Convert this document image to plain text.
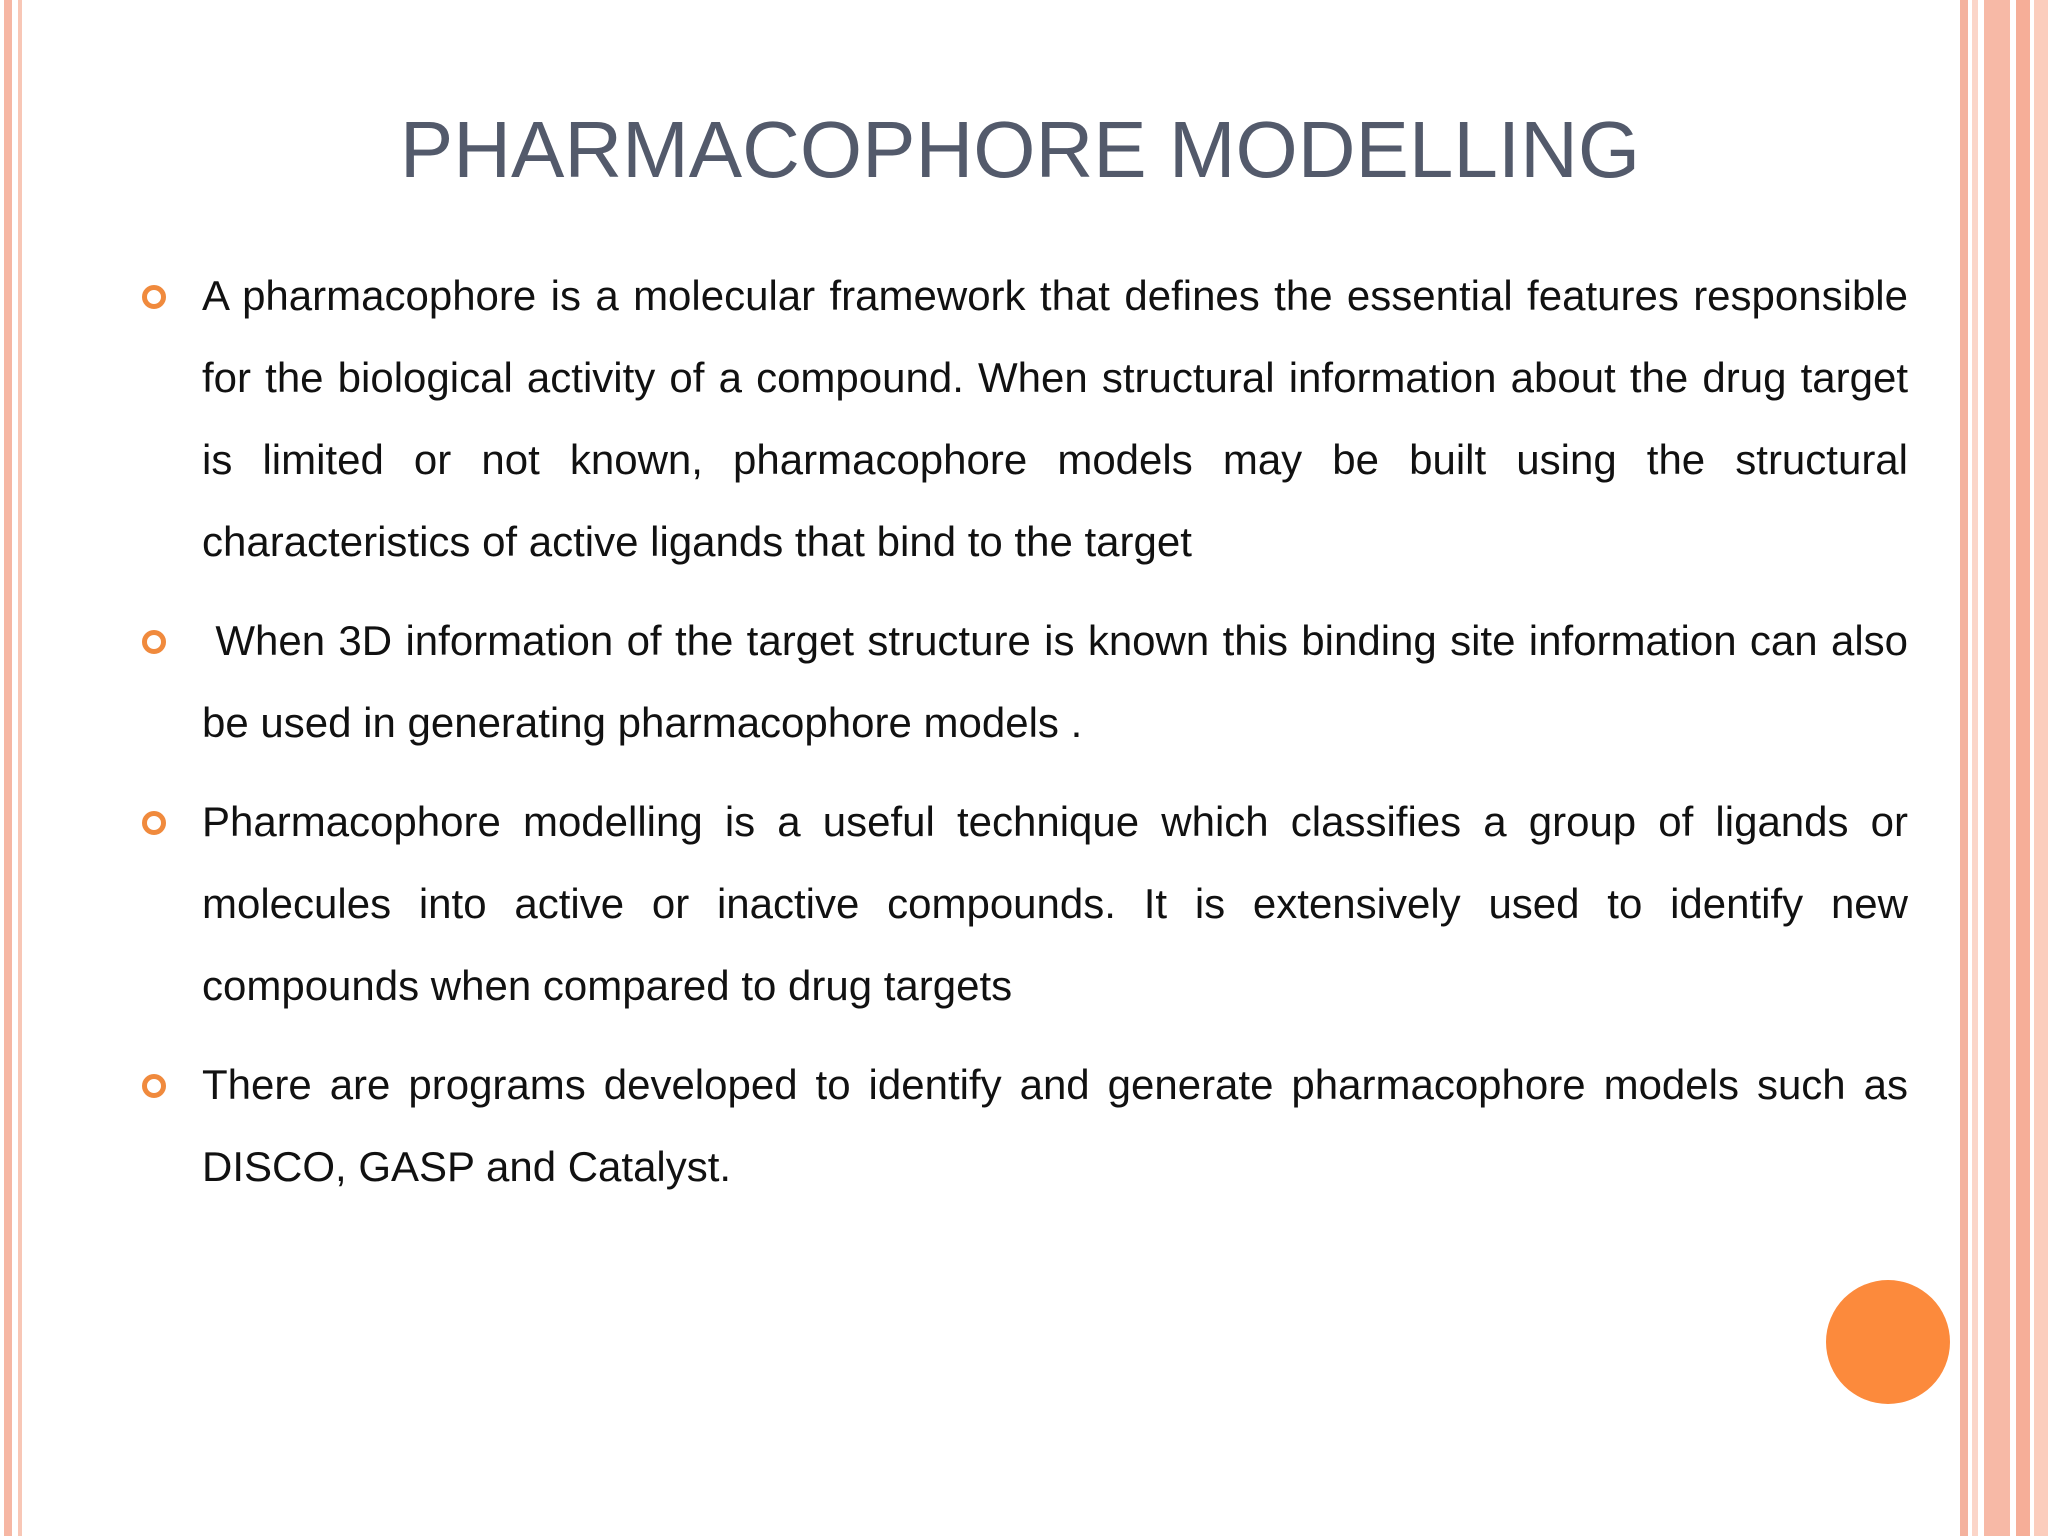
PHARMACOPHORE MODELLING
A pharmacophore is a molecular framework that defines the essential features responsible for the biological activity of a compound. When structural information about the drug target is limited or not known, pharmacophore models may be built using the structural characteristics of active ligands that bind to the target
When 3D information of the target structure is known this binding site information can also be used in generating pharmacophore models .
Pharmacophore modelling is a useful technique which classifies a group of ligands or molecules into active or inactive compounds. It is extensively used to identify new compounds when compared to drug targets
There are programs developed to identify and generate pharmacophore models such as DISCO, GASP and Catalyst.
